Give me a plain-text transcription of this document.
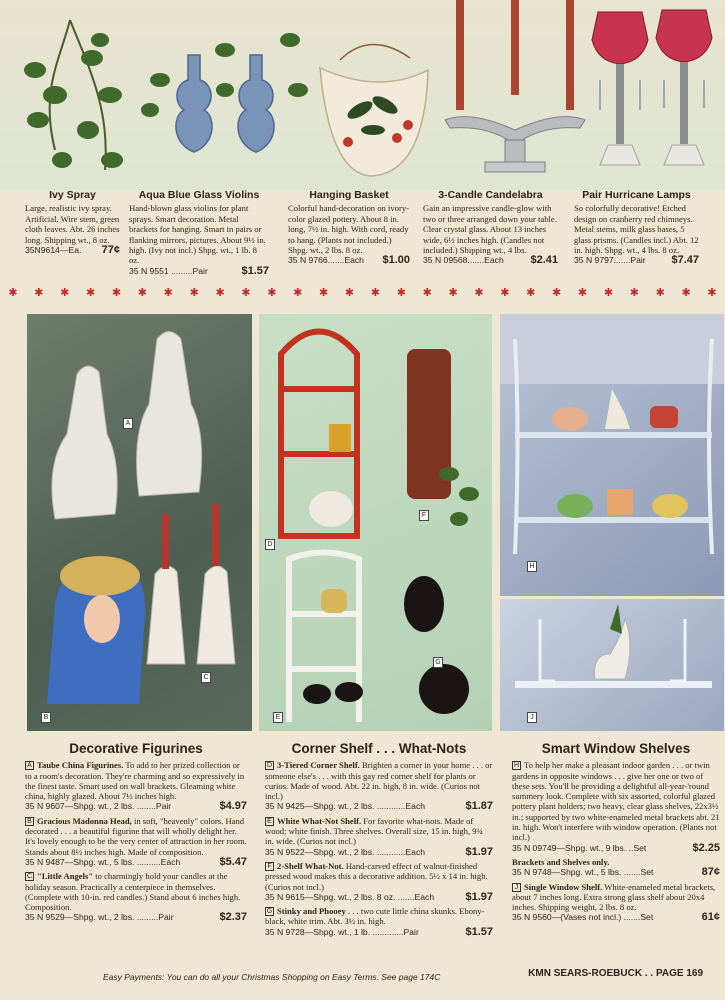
Ivy Spray

Large, realistic ivy spray. Artificial. Wire stem, green cloth leaves. Abt. 26 inches long. Shipping wt., 8 oz.

35N9614—Ea. 77¢
Aqua Blue Glass Violins

Hand-blown glass violins for plant sprays. Smart decoration. Metal brackets for hanging. Smart in pairs or flanking mirrors, pictures. About 9½ in. high. (Ivy not incl.) Shpg. wt., 1 lb. 8 oz.

35 N 9551 .........Pair	$1.57
Hanging Basket

Colorful hand-decoration on ivory-color glazed pottery. About 8 in. long, 7½ in. high. With cord, ready to hang. (Plants not included.) Shpg. wt., 2 lbs. 8 oz.

35 N 9766.......Each $1.00
3-Candle Candelabra

Gain an impressive candle-glow with two or three arranged down your table. Clear crystal glass. About 13 inches wide, 6½ inches high. (Candles not included.) Shipping wt., 4 lbs.

35 N 09568.......Each $2.41
Pair Hurricane Lamps

So colorfully decorative! Etched design on cranberry red chimneys. Metal stems, milk glass bases, 5 glass prisms. (Candles incl.) Abt. 12 in. high. Shpg. wt., 4 lbs. 8 oz.

35 N 9797.......Pair $7.47
✱ ✱ ✱ ✱ ✱ ✱ ✱ ✱ ✱ ✱ ✱ ✱ ✱ ✱ ✱ ✱ ✱ ✱ ✱ ✱ ✱ ✱ ✱ ✱ ✱ ✱ ✱ ✱
A
B
C
D
F
E
G
H
J
Decorative Figurines

A Taube China Figurines. To add to her prized collection or to a room's decoration. They're charming and so expressively in the finest taste. Smart used on wall brackets. Gleaming white china, highly glazed. About 7½ inches high.

35 N 9607—Shpg. wt., 2 lbs. ........Pair	$4.97

B Gracious Madonna Head, in soft, "heavenly" colors. Hand decorated . . . a beautiful figurine that will wholly delight her. It's lovely enough to be the very center of attraction in her room. Stands about 8½ inches high. Made of composition.

35 N 9487—Shpg. wt., 5 lbs. ..........Each	$5.47

C "Little Angels" to charmingly hold your candles at the holiday season. Practically a centerpiece in themselves. (Complete with 10-in. red candles.) Stand about 6 inches high. Composition.

35 N 9529—Shpg. wt., 2 lbs. .........Pair	$2.37
Corner Shelf . . . What-Nots

D 3-Tiered Corner Shelf. Brighten a corner in your home . . . or someone else's . . . with this gay red corner shelf for plants or curios. Made of wood. Abt. 22 in. high, 8 in. wide. (Curios not incl.)

35 N 9425—Shpg. wt., 2 lbs. ............Each	$1.87

E White What-Not Shelf. For favorite what-nots. Made of wood; white finish. Three shelves. Overall size, 15 in. high, 9¾ in. wide. (Curios not incl.)

35 N 9522—Shpg. wt., 2 lbs. ............Each	$1.97

F 2-Shelf What-Not. Hand-carved effect of walnut-finished pressed wood makes this a decorative addition. 5½ x 14 in. high. (Curios not incl.)

35 N 9615—Shpg. wt., 2 lbs. 8 oz. .......Each	$1.97

G Stinky and Phooey . . . two cute little china skunks. Ebony-black, white trim. Abt. 3½ in. high.

35 N 9728—Shpg. wt., 1 lb. .............Pair	$1.57
Smart Window Shelves

H To help her make a pleasant indoor garden . . . or twin gardens in opposite windows . . . give her one or two of these sets. You'll be providing a delightful all-year-'round summery look. Complete with six assorted, colorful glazed pottery plant holders; two heavy, clear glass shelves, 22x3½ in.; supported by two white-enameled metal brackets abt. 21 in. high. Won't interfere with window operation. (Plants not incl.)

35 N 09749—Shpg. wt., 9 lbs. ..Set	$2.25

Brackets and Shelves only.

35 N 9748—Shpg. wt., 5 lbs. .......Set	87¢

J Single Window Shelf. White-enameled metal brackets, about 7 inches long. Extra strong glass shelf about 20x4 inches. Shipping weight, 2 lbs. 8 oz.

35 N 9560—(Vases not incl.) .......Set	61¢
Easy Payments: You can do all your Christmas Shopping on Easy Terms. See page 174C	KMN SEARS-ROEBUCK . . PAGE 169
